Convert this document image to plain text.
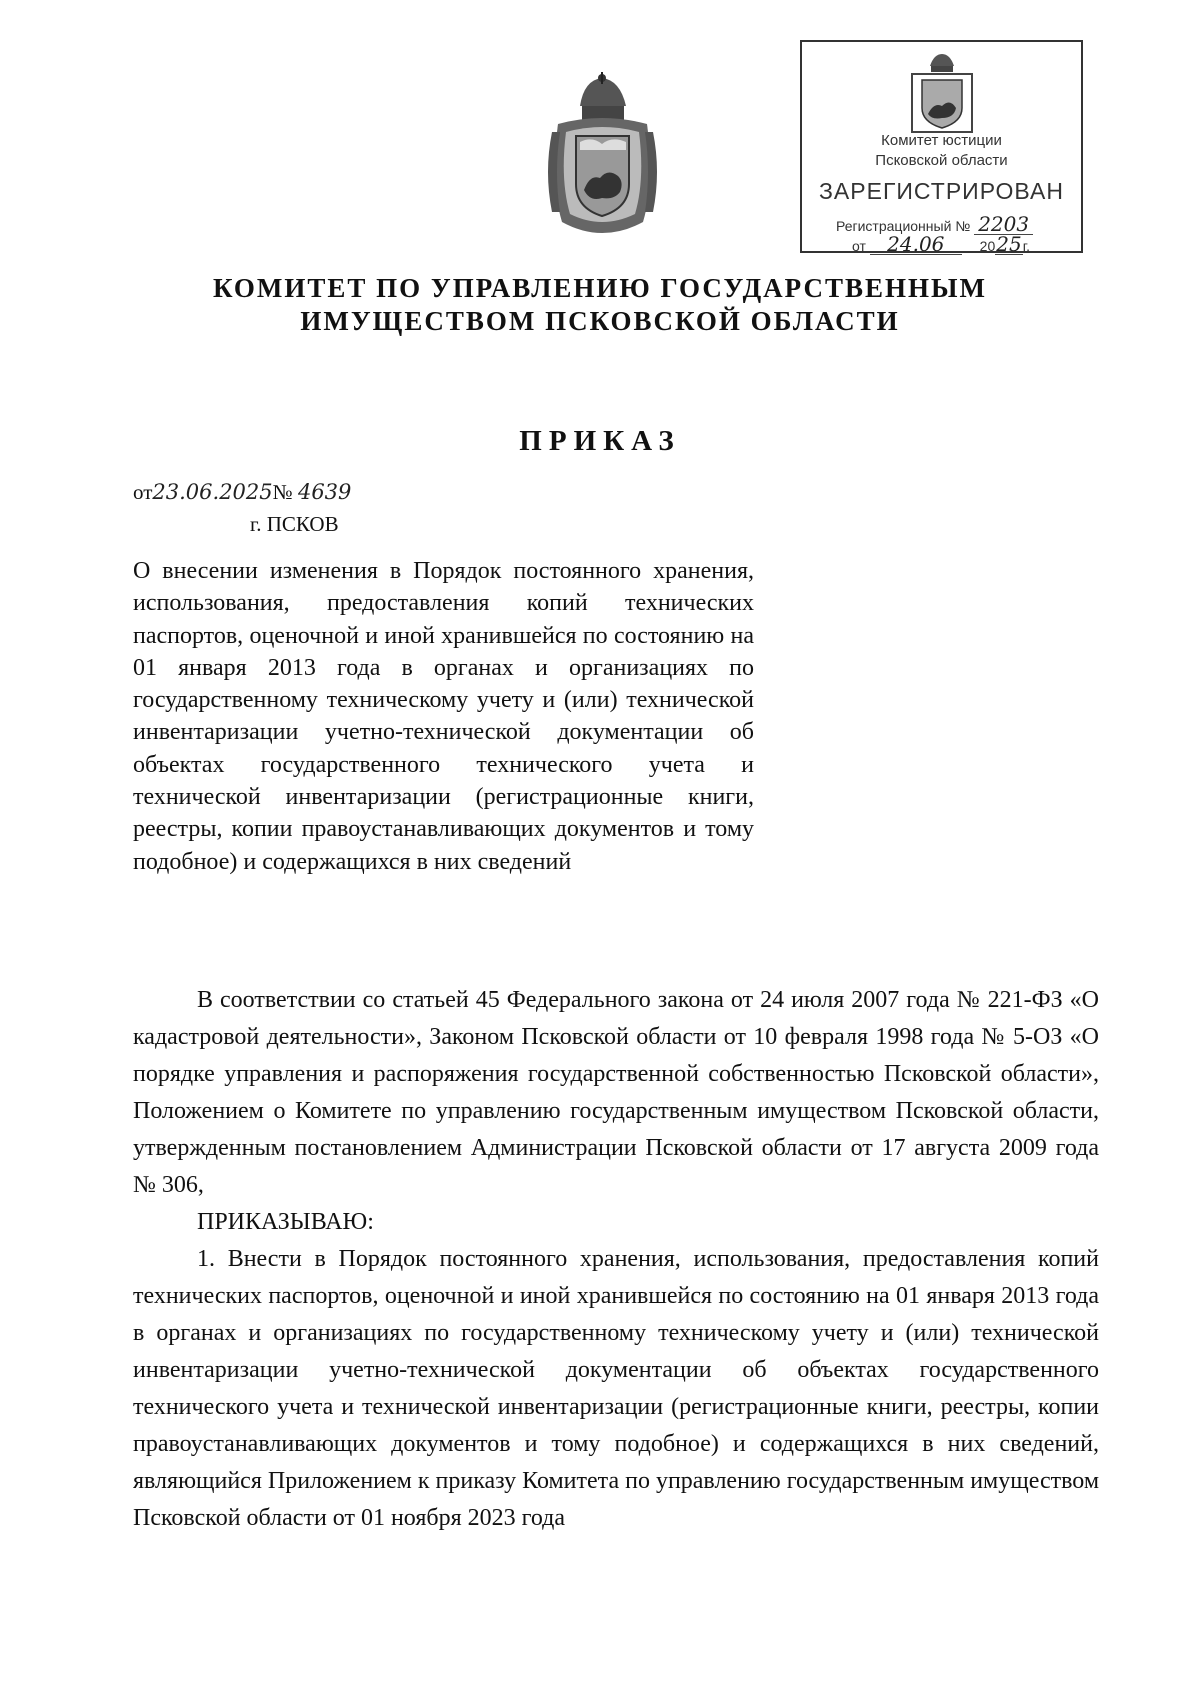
Комитет юстиции
Псковской области
ЗАРЕГИСТРИРОВАН
Регистрационный № 2203
от 24.06	2025г.
КОМИТЕТ ПО УПРАВЛЕНИЮ ГОСУДАРСТВЕННЫМ
ИМУЩЕСТВОМ ПСКОВСКОЙ ОБЛАСТИ
ПРИКАЗ
от23.06.2025№ 4639
г. ПСКОВ
О внесении изменения в Порядок постоянного хранения, использования, предоставления копий технических паспортов, оценочной и иной хранившейся по состоянию на 01 января 2013 года в органах и организациях по государственному техническому учету и (или) технической инвентаризации учетно-технической документации об объектах государственного технического учета и технической инвентаризации (регистрационные книги, реестры, копии правоустанавливающих документов и тому подобное) и содержащихся в них сведений

В соответствии со статьей 45 Федерального закона от 24 июля 2007 года № 221-ФЗ «О кадастровой деятельности», Законом Псковской области от 10 февраля 1998 года № 5-ОЗ «О порядке управления и распоряжения государственной собственностью Псковской области», Положением о Комитете по управлению государственным имуществом Псковской области, утвержденным постановлением Администрации Псковской области от 17 августа 2009 года № 306,

ПРИКАЗЫВАЮ:

1. Внести в Порядок постоянного хранения, использования, предоставления копий технических паспортов, оценочной и иной хранившейся по состоянию на 01 января 2013 года в органах и организациях по государственному техническому учету и (или) технической инвентаризации учетно-технической документации об объектах государственного технического учета и технической инвентаризации (регистрационные книги, реестры, копии правоустанавливающих документов и тому подобное) и содержащихся в них сведений, являющийся Приложением к приказу Комитета по управлению государственным имуществом Псковской области от 01 ноября 2023 года
